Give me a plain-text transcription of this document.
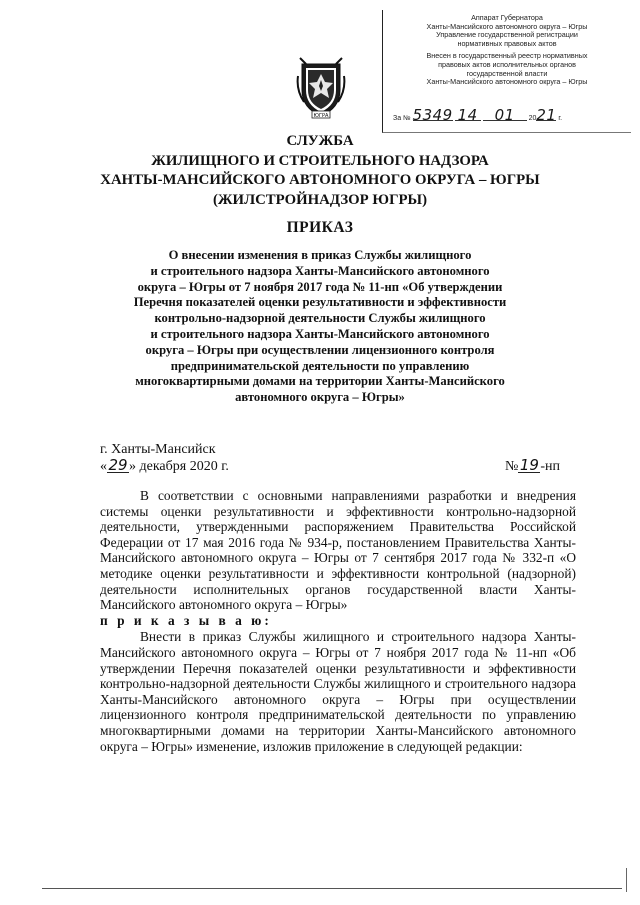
Аппарат Губернатора
Ханты-Мансийского автономного округа – Югры
Управление государственной регистрации
нормативных правовых актов
Внесен в государственный реестр нормативных
правовых актов исполнительных органов
государственной власти
Ханты-Мансийского автономного округа – Югры
За № 5349 14 01 2021 г.
ЮГРА
СЛУЖБА
ЖИЛИЩНОГО И СТРОИТЕЛЬНОГО НАДЗОРА
ХАНТЫ-МАНСИЙСКОГО АВТОНОМНОГО ОКРУГА – ЮГРЫ
(ЖИЛСТРОЙНАДЗОР ЮГРЫ)
ПРИКАЗ
О внесении изменения в приказ Службы жилищного
и строительного надзора Ханты-Мансийского автономного
округа – Югры от 7 ноября 2017 года № 11-нп «Об утверждении
Перечня показателей оценки результативности и эффективности
контрольно-надзорной деятельности Службы жилищного
и строительного надзора Ханты-Мансийского автономного
округа – Югры при осуществлении лицензионного контроля
предпринимательской деятельности по управлению
многоквартирными домами на территории Ханты-Мансийского
автономного округа – Югры»
г. Ханты-Мансийск
«29» декабря 2020 г.	№19-нп

В соответствии с основными направлениями разработки и внедрения системы оценки результативности и эффективности контрольно-надзорной деятельности, утвержденными распоряжением Правительства Российской Федерации от 17 мая 2016 года № 934-р, постановлением Правительства Ханты-Мансийского автономного округа – Югры от 7 сентября 2017 года № 332-п «О методике оценки результативности и эффективности контрольной (надзорной) деятельности исполнительных органов государственной власти Ханты-Мансийского автономного округа – Югры»

п р и к а з ы в а ю:

Внести в приказ Службы жилищного и строительного надзора Ханты-Мансийского автономного округа – Югры от 7 ноября 2017 года № 11-нп «Об утверждении Перечня показателей оценки результативности и эффективности контрольно-надзорной деятельности Службы жилищного и строительного надзора Ханты-Мансийского автономного округа – Югры при осуществлении лицензионного контроля предпринимательской деятельности по управлению многоквартирными домами на территории Ханты-Мансийского автономного округа – Югры» изменение, изложив приложение в следующей редакции:
